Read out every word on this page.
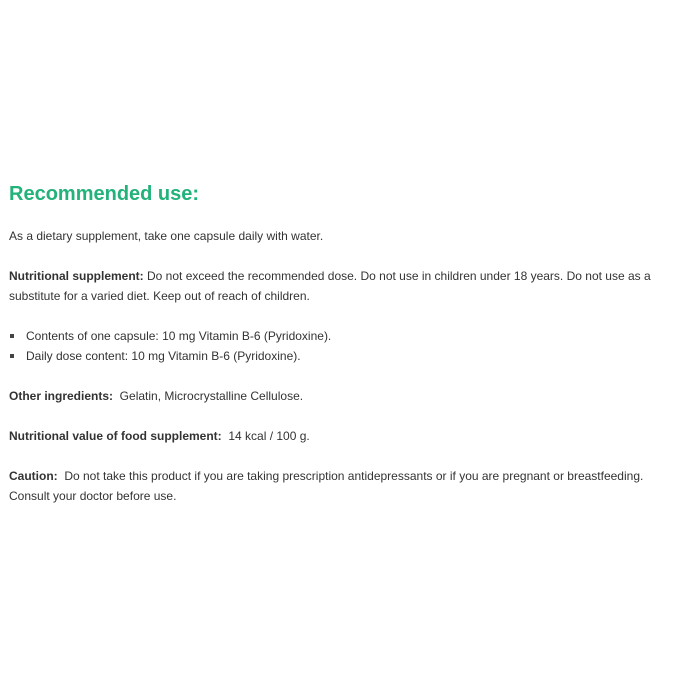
Recommended use:

As a dietary supplement, take one capsule daily with water.

Nutritional supplement: Do not exceed the recommended dose. Do not use in children under 18 years. Do not use as a substitute for a varied diet. Keep out of reach of children.

Contents of one capsule: 10 mg Vitamin B-6 (Pyridoxine).
Daily dose content: 10 mg Vitamin B-6 (Pyridoxine).

Other ingredients:  Gelatin, Microcrystalline Cellulose.

Nutritional value of food supplement:  14 kcal / 100 g.

Caution:  Do not take this product if you are taking prescription antidepressants or if you are pregnant or breastfeeding. Consult your doctor before use.
